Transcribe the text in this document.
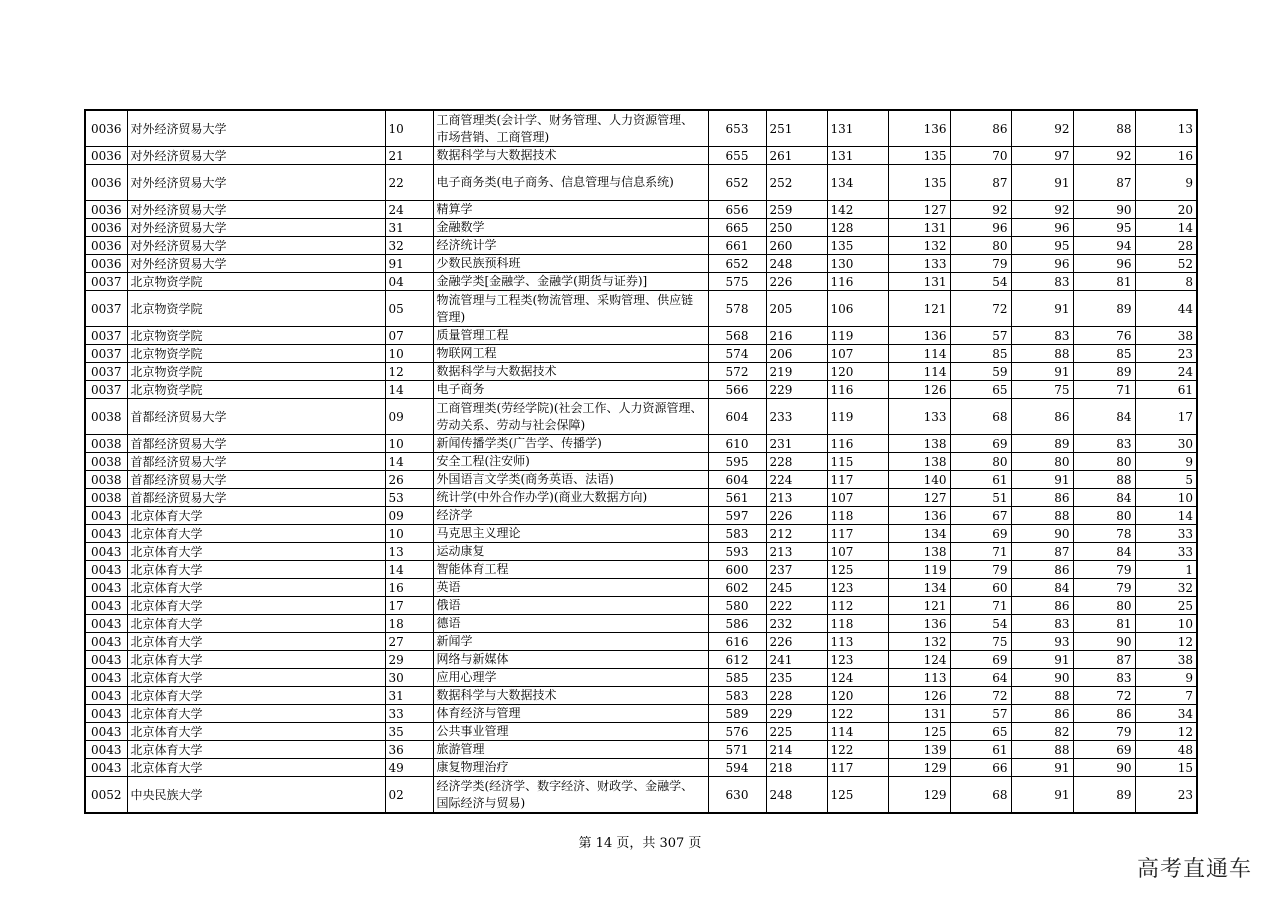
0036	对外经济贸易大学	10	工商管理类(会计学、财务管理、人力资源管理、市场营销、工商管理)	653	251	131	136	86	92	88	13
0036	对外经济贸易大学	21	数据科学与大数据技术	655	261	131	135	70	97	92	16
0036	对外经济贸易大学	22	电子商务类(电子商务、信息管理与信息系统)	652	252	134	135	87	91	87	9
0036	对外经济贸易大学	24	精算学	656	259	142	127	92	92	90	20
0036	对外经济贸易大学	31	金融数学	665	250	128	131	96	96	95	14
0036	对外经济贸易大学	32	经济统计学	661	260	135	132	80	95	94	28
0036	对外经济贸易大学	91	少数民族预科班	652	248	130	133	79	96	96	52
0037	北京物资学院	04	金融学类[金融学、金融学(期货与证券)]	575	226	116	131	54	83	81	8
0037	北京物资学院	05	物流管理与工程类(物流管理、采购管理、供应链管理)	578	205	106	121	72	91	89	44
0037	北京物资学院	07	质量管理工程	568	216	119	136	57	83	76	38
0037	北京物资学院	10	物联网工程	574	206	107	114	85	88	85	23
0037	北京物资学院	12	数据科学与大数据技术	572	219	120	114	59	91	89	24
0037	北京物资学院	14	电子商务	566	229	116	126	65	75	71	61
0038	首都经济贸易大学	09	工商管理类(劳经学院)(社会工作、人力资源管理、劳动关系、劳动与社会保障)	604	233	119	133	68	86	84	17
0038	首都经济贸易大学	10	新闻传播学类(广告学、传播学)	610	231	116	138	69	89	83	30
0038	首都经济贸易大学	14	安全工程(注安师)	595	228	115	138	80	80	80	9
0038	首都经济贸易大学	26	外国语言文学类(商务英语、法语)	604	224	117	140	61	91	88	5
0038	首都经济贸易大学	53	统计学(中外合作办学)(商业大数据方向)	561	213	107	127	51	86	84	10
0043	北京体育大学	09	经济学	597	226	118	136	67	88	80	14
0043	北京体育大学	10	马克思主义理论	583	212	117	134	69	90	78	33
0043	北京体育大学	13	运动康复	593	213	107	138	71	87	84	33
0043	北京体育大学	14	智能体育工程	600	237	125	119	79	86	79	1
0043	北京体育大学	16	英语	602	245	123	134	60	84	79	32
0043	北京体育大学	17	俄语	580	222	112	121	71	86	80	25
0043	北京体育大学	18	德语	586	232	118	136	54	83	81	10
0043	北京体育大学	27	新闻学	616	226	113	132	75	93	90	12
0043	北京体育大学	29	网络与新媒体	612	241	123	124	69	91	87	38
0043	北京体育大学	30	应用心理学	585	235	124	113	64	90	83	9
0043	北京体育大学	31	数据科学与大数据技术	583	228	120	126	72	88	72	7
0043	北京体育大学	33	体育经济与管理	589	229	122	131	57	86	86	34
0043	北京体育大学	35	公共事业管理	576	225	114	125	65	82	79	12
0043	北京体育大学	36	旅游管理	571	214	122	139	61	88	69	48
0043	北京体育大学	49	康复物理治疗	594	218	117	129	66	91	90	15
0052	中央民族大学	02	经济学类(经济学、数字经济、财政学、金融学、国际经济与贸易)	630	248	125	129	68	91	89	23
第 14 页，共 307 页
高考直通车
